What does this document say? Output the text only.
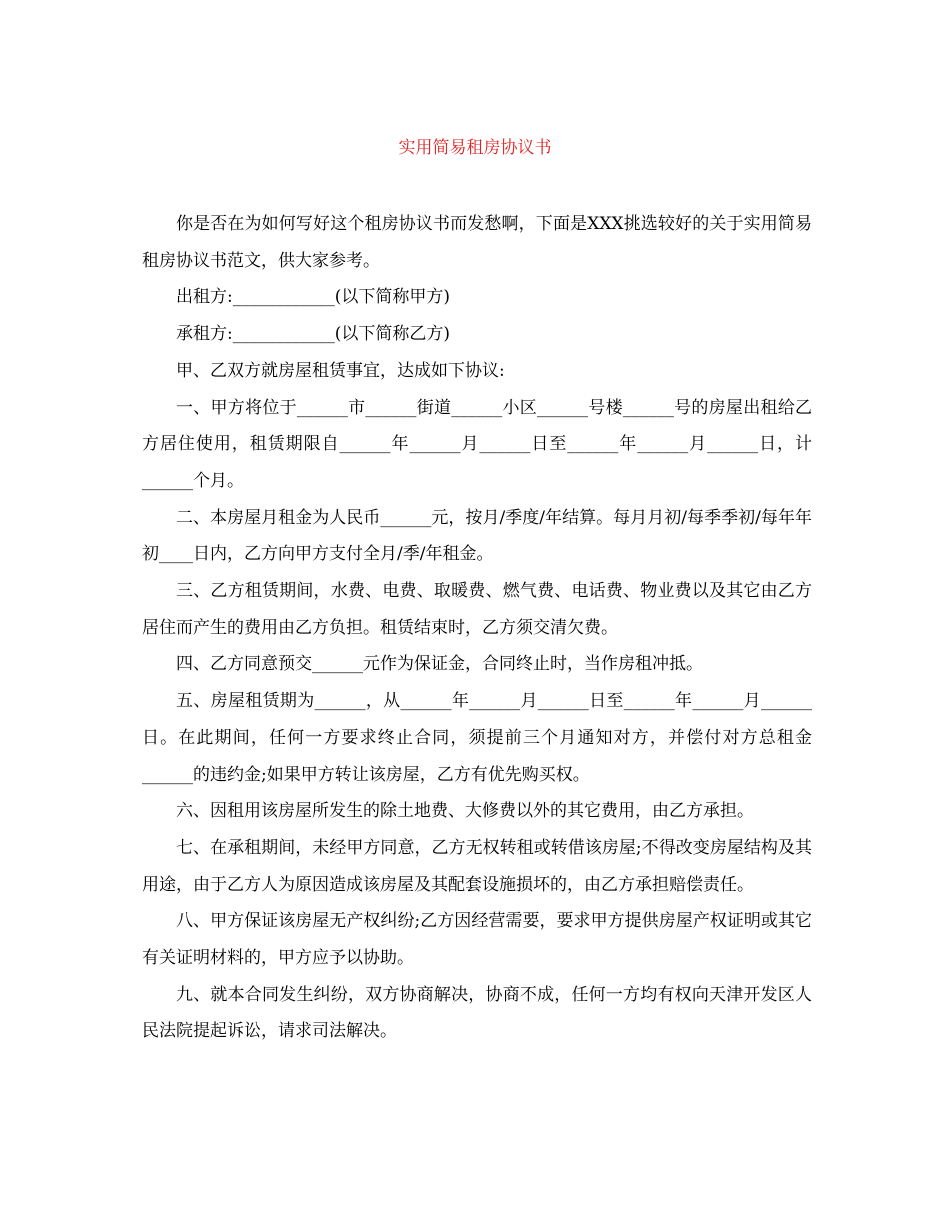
实用简易租房协议书

你是否在为如何写好这个租房协议书而发愁啊，下面是XXX挑选较好的关于实用简易租房协议书范文，供大家参考。

出租方:____________(以下简称甲方)

承租方:____________(以下简称乙方)

甲、乙双方就房屋租赁事宜，达成如下协议:

一、甲方将位于______市______街道______小区______号楼______号的房屋出租给乙方居住使用，租赁期限自______年______月______日至______年______月______日，计______个月。

二、本房屋月租金为人民币______元，按月/季度/年结算。每月月初/每季季初/每年年初____日内，乙方向甲方支付全月/季/年租金。

三、乙方租赁期间，水费、电费、取暖费、燃气费、电话费、物业费以及其它由乙方居住而产生的费用由乙方负担。租赁结束时，乙方须交清欠费。

四、乙方同意预交______元作为保证金，合同终止时，当作房租冲抵。

五、房屋租赁期为______，从______年______月______日至______年______月______日。在此期间，任何一方要求终止合同，须提前三个月通知对方，并偿付对方总租金______的违约金;如果甲方转让该房屋，乙方有优先购买权。

六、因租用该房屋所发生的除土地费、大修费以外的其它费用，由乙方承担。

七、在承租期间，未经甲方同意，乙方无权转租或转借该房屋;不得改变房屋结构及其用途，由于乙方人为原因造成该房屋及其配套设施损坏的，由乙方承担赔偿责任。

八、甲方保证该房屋无产权纠纷;乙方因经营需要，要求甲方提供房屋产权证明或其它有关证明材料的，甲方应予以协助。

九、就本合同发生纠纷，双方协商解决，协商不成，任何一方均有权向天津开发区人民法院提起诉讼，请求司法解决。
